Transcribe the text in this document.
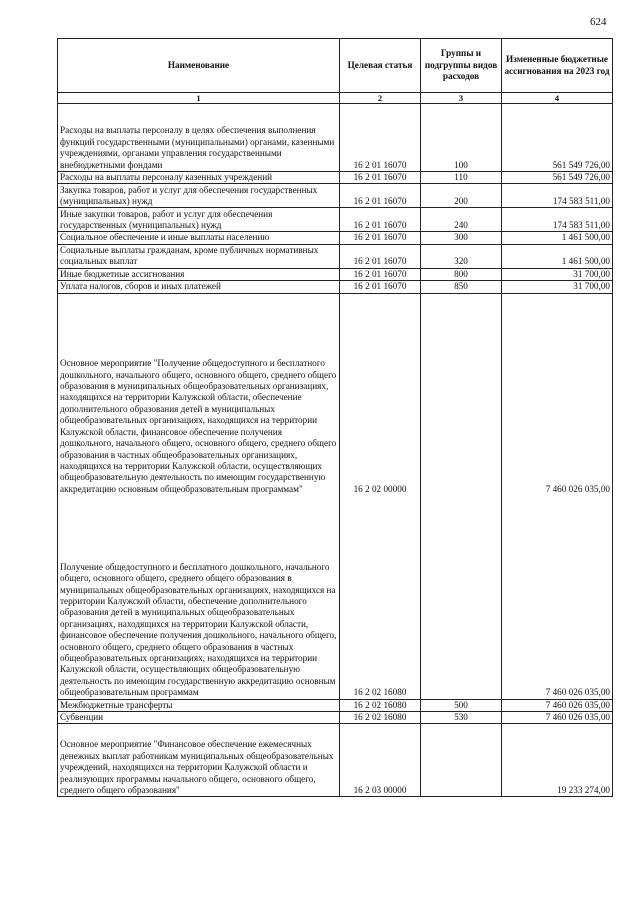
624
Наименование	Целевая статья	Группы и подгруппы видов расходов	Измененные бюджетные ассигнования на 2023 год
1	2	3	4
Расходы на выплаты персоналу в целях обеспечения выполнения функций государственными (муниципальными) органами, казенными учреждениями, органами управления государственными внебюджетными фондами	16 2 01 16070	100	561 549 726,00
Расходы на выплаты персоналу казенных учреждений	16 2 01 16070	110	561 549 726,00
Закупка товаров, работ и услуг для обеспечения государственных (муниципальных) нужд	16 2 01 16070	200	174 583 511,00
Иные закупки товаров, работ и услуг для обеспечения государственных (муниципальных) нужд	16 2 01 16070	240	174 583 511,00
Социальное обеспечение и иные выплаты населению	16 2 01 16070	300	1 461 500,00
Социальные выплаты гражданам, кроме публичных нормативных социальных выплат	16 2 01 16070	320	1 461 500,00
Иные бюджетные ассигнования	16 2 01 16070	800	31 700,00
Уплата налогов, сборов и иных платежей	16 2 01 16070	850	31 700,00
Основное мероприятие "Получение общедоступного и бесплатного дошкольного, начального общего, основного общего, среднего общего образования в муниципальных общеобразовательных организациях, находящихся на территории Калужской области, обеспечение дополнительного образования детей в муниципальных общеобразовательных организациях, находящихся на территории Калужской области, финансовое обеспечение получения дошкольного, начального общего, основного общего, среднего общего образования в частных общеобразовательных организациях, находящихся на территории Калужской области, осуществляющих общеобразовательную деятельность по имеющим государственную аккредитацию основным общеобразовательным программам"	16 2 02 00000		7 460 026 035,00
Получение общедоступного и бесплатного дошкольного, начального общего, основного общего, среднего общего образования в муниципальных общеобразовательных организациях, находящихся на территории Калужской области, обеспечение дополнительного образования детей в муниципальных общеобразовательных организациях, находящихся на территории Калужской области, финансовое обеспечение получения дошкольного, начального общего, основного общего, среднего общего образования в частных общеобразовательных организациях, находящихся на территории Калужской области, осуществляющих общеобразовательную деятельность по имеющим государственную аккредитацию основным общеобразовательным программам	16 2 02 16080		7 460 026 035,00
Межбюджетные трансферты	16 2 02 16080	500	7 460 026 035,00
Субвенции	16 2 02 16080	530	7 460 026 035,00
Основное мероприятие "Финансовое обеспечение ежемесячных денежных выплат работникам муниципальных общеобразовательных учреждений, находящихся на территории Калужской области и реализующих программы начального общего, основного общего, среднего общего образования"	16 2 03 00000		19 233 274,00
